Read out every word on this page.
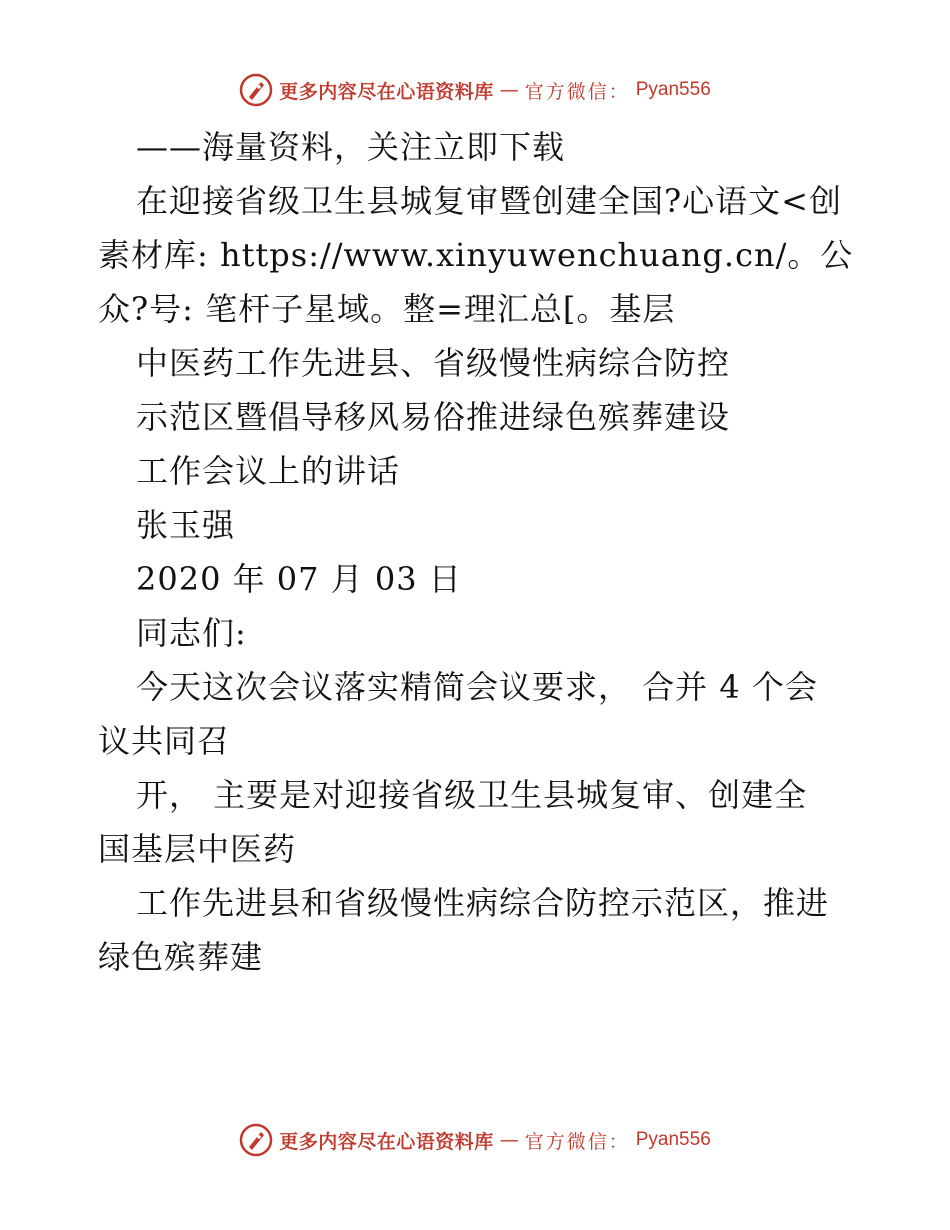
更多内容尽在心语资料库 — 官方微信： Pyan556
——海量资料，关注立即下载
在迎接省级卫生县城复审暨创建全国?心语文<创
素材库: https://www.xinyuwenchuang.cn/。公
众?号: 笔杆子星域。整=理汇总[。基层
中医药工作先进县、省级慢性病综合防控
示范区暨倡导移风易俗推进绿色殡葬建设
工作会议上的讲话
张玉强
2020 年 07 月 03 日
同志们:
今天这次会议落实精简会议要求， 合并 4 个会
议共同召
开， 主要是对迎接省级卫生县城复审、创建全
国基层中医药
工作先进县和省级慢性病综合防控示范区，推进
绿色殡葬建
更多内容尽在心语资料库 — 官方微信： Pyan556
